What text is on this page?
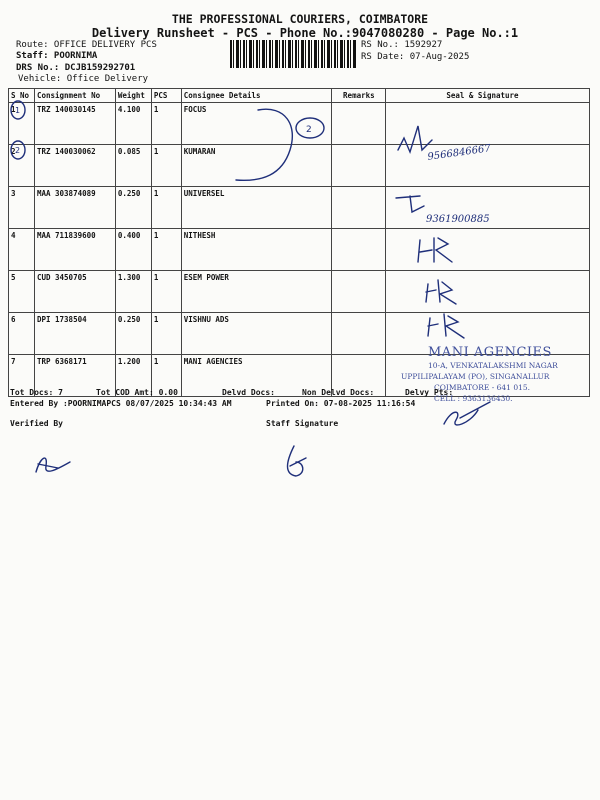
THE PROFESSIONAL COURIERS, COIMBATORE
Delivery Runsheet - PCS - Phone No.:9047080280 - Page No.:1
Route: OFFICE DELIVERY PCS
Staff: POORNIMA
DRS No.: DCJB159292701
Vehicle: Office Delivery
RS No.: 1592927
RS Date: 07-Aug-2025
S No	Consignment No	Weight	PCS	Consignee Details	Remarks	Seal & Signature
1	TRZ 140030145	4.100	1	FOCUS		
2	TRZ 140030062	0.085	1	KUMARAN		
3	MAA 303874089	0.250	1	UNIVERSEL		
4	MAA 711839600	0.400	1	NITHESH		
5	CUD 3450705	1.300	1	ESEM POWER		
6	DPI 1738504	0.250	1	VISHNU ADS		
7	TRP 6368171	1.200	1	MANI AGENCIES		
MANI AGENCIES
10-A, VENKATALAKSHMI NAGAR
UPPILIPALAYAM (PO), SINGANALLUR
COIMBATORE - 641 015.
CELL : 9363136430.
Tot Docs: 7	Tot COD Amt: 0.00	Delvd Docs:	Non Delvd Docs:	Delvy Pts:
Entered By :POORNIMAPCS 08/07/2025 10:34:43 AM	Printed On: 07-08-2025 11:16:54
Verified By	Staff Signature
1
2
2
9566846667
9361900885
